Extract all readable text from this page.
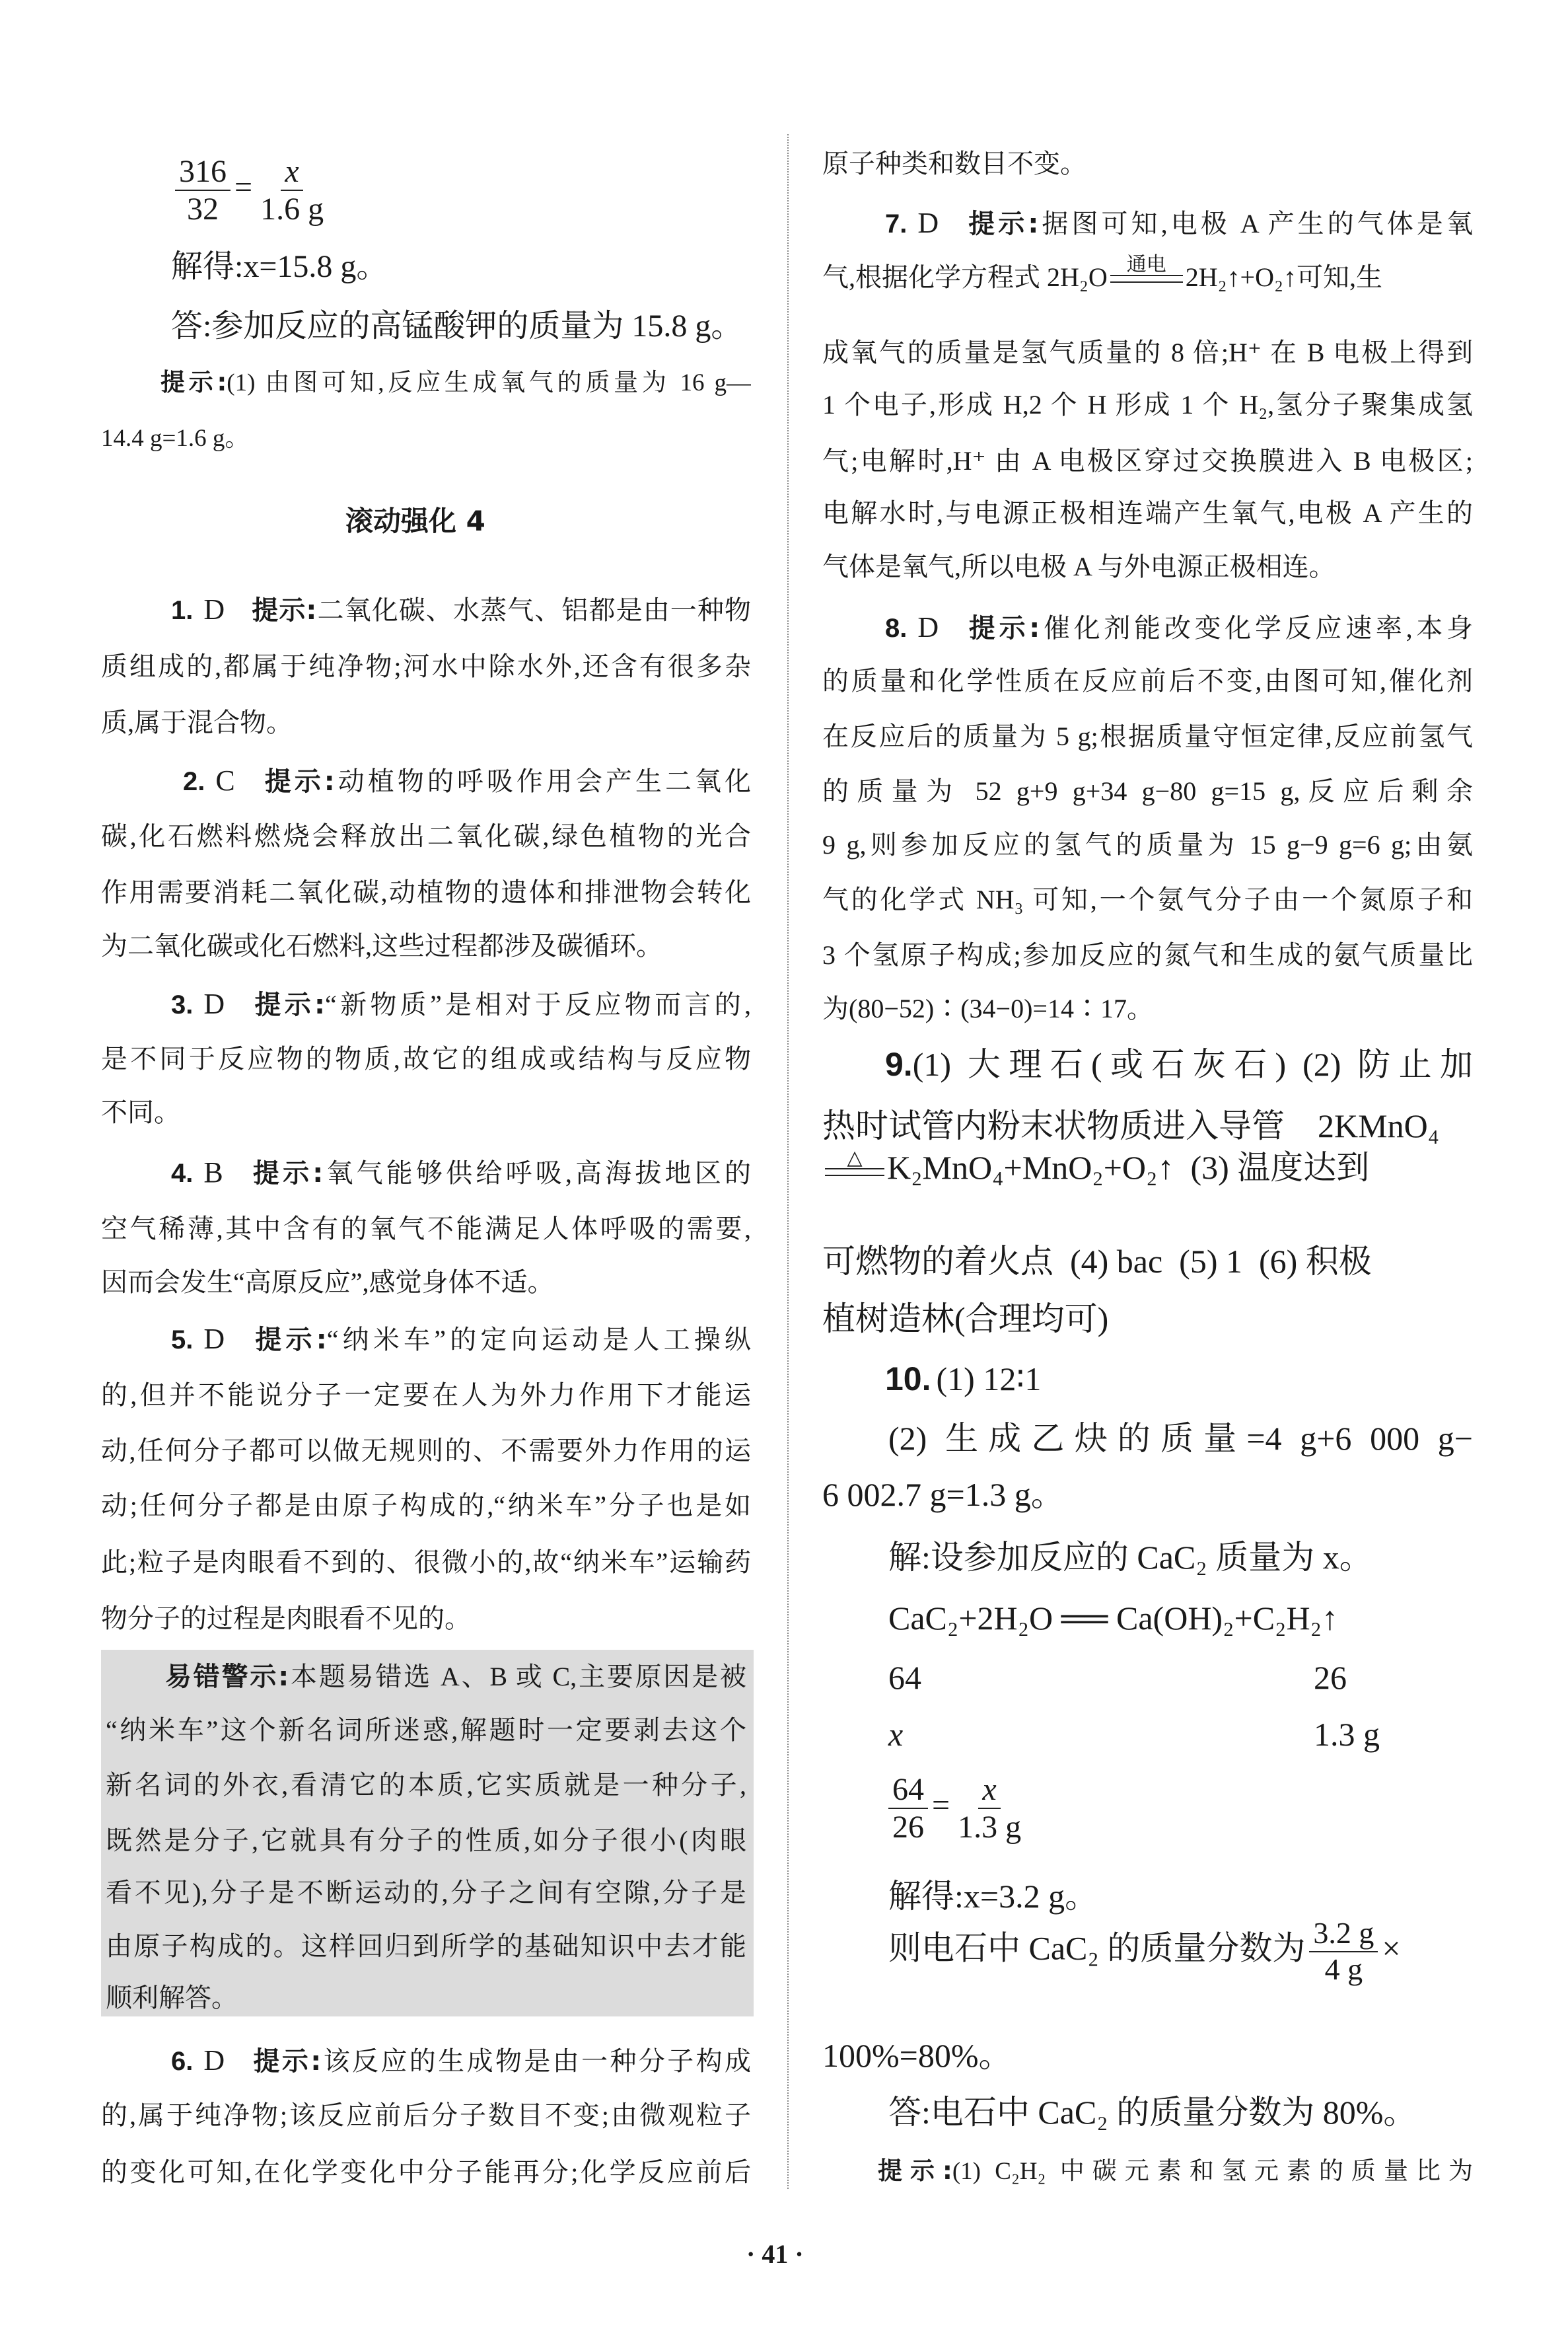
$\frac{316}{32} = \frac{x}{1.6 g}$
解得:x=15.8 g。
答:参加反应的高锰酸钾的质量为 15.8 g。
提示:(1) 由图可知,反应生成氧气的质量为 16 g—
14.4 g=1.6 g。
滚动强化 4
1. D 提示:二氧化碳、水蒸气、铝都是由一种物
质组成的,都属于纯净物;河水中除水外,还含有很多杂
质,属于混合物。
2. C 提示:动植物的呼吸作用会产生二氧化
碳,化石燃料燃烧会释放出二氧化碳,绿色植物的光合
作用需要消耗二氧化碳,动植物的遗体和排泄物会转化
为二氧化碳或化石燃料,这些过程都涉及碳循环。
3. D 提示:“新物质”是相对于反应物而言的,
是不同于反应物的物质,故它的组成或结构与反应物
不同。
4. B 提示:氧气能够供给呼吸,高海拔地区的
空气稀薄,其中含有的氧气不能满足人体呼吸的需要,
因而会发生“高原反应”,感觉身体不适。
5. D 提示:“纳米车”的定向运动是人工操纵
的,但并不能说分子一定要在人为外力作用下才能运
动,任何分子都可以做无规则的、不需要外力作用的运
动;任何分子都是由原子构成的,“纳米车”分子也是如
此;粒子是肉眼看不到的、很微小的,故“纳米车”运输药
物分子的过程是肉眼看不见的。
易错警示:本题易错选 A、B 或 C,主要原因是被
“纳米车”这个新名词所迷惑,解题时一定要剥去这个
新名词的外衣,看清它的本质,它实质就是一种分子,
既然是分子,它就具有分子的性质,如分子很小(肉眼
看不见),分子是不断运动的,分子之间有空隙,分子是
由原子构成的。这样回归到所学的基础知识中去才能
顺利解答。
6. D 提示:该反应的生成物是由一种分子构成
的,属于纯净物;该反应前后分子数目不变;由微观粒子
的变化可知,在化学变化中分子能再分;化学反应前后
原子种类和数目不变。
7. D 提示:据图可知,电极 A 产生的气体是氧
气,根据化学方程式 2H₂O 通电 2H₂↑+O₂↑可知,生
成氧气的质量是氢气质量的 8 倍;H⁺ 在 B 电极上得到
1 个电子,形成 H,2 个 H 形成 1 个 H₂,氢分子聚集成氢
气;电解时,H⁺ 由 A 电极区穿过交换膜进入 B 电极区;
电解水时,与电源正极相连端产生氧气,电极 A 产生的
气体是氧气,所以电极 A 与外电源正极相连。
8. D 提示:催化剂能改变化学反应速率,本身
的质量和化学性质在反应前后不变,由图可知,催化剂
在反应后的质量为 5 g;根据质量守恒定律,反应前氢气
的质量为 52 g+9 g+34 g−80 g=15 g,反应后剩余
9 g,则参加反应的氢气的质量为 15 g−9 g=6 g;由氨
气的化学式 NH₃ 可知,一个氨气分子由一个氮原子和
3 个氢原子构成;参加反应的氮气和生成的氨气质量比
为(80−52)∶(34−0)=14∶17。
9.(1) 大理石(或石灰石) (2) 防止加
热时试管内粉末状物质进入导管    2KMnO₄
△ K₂MnO₄+MnO₂+O₂↑  (3) 温度达到
可燃物的着火点  (4) bac  (5) 1  (6) 积极
植树造林(合理均可)
10. (1) 12∶1
(2) 生成乙炔的质量=4 g+6 000 g−
6 002.7 g=1.3 g。
解:设参加反应的 CaC₂ 质量为 x。
CaC₂+2H₂O ══ Ca(OH)₂+C₂H₂↑
64	26
x	1.3 g
$\frac{64}{26} = \frac{x}{1.3 g}$
解得:x=3.2 g。
则电石中 CaC₂ 的质量分数为 $\frac{3.2 g}{4 g}$ ×
100%=80%。
答:电石中 CaC₂ 的质量分数为 80%。
提示:(1) C₂H₂ 中碳元素和氢元素的质量比为
· 41 ·
